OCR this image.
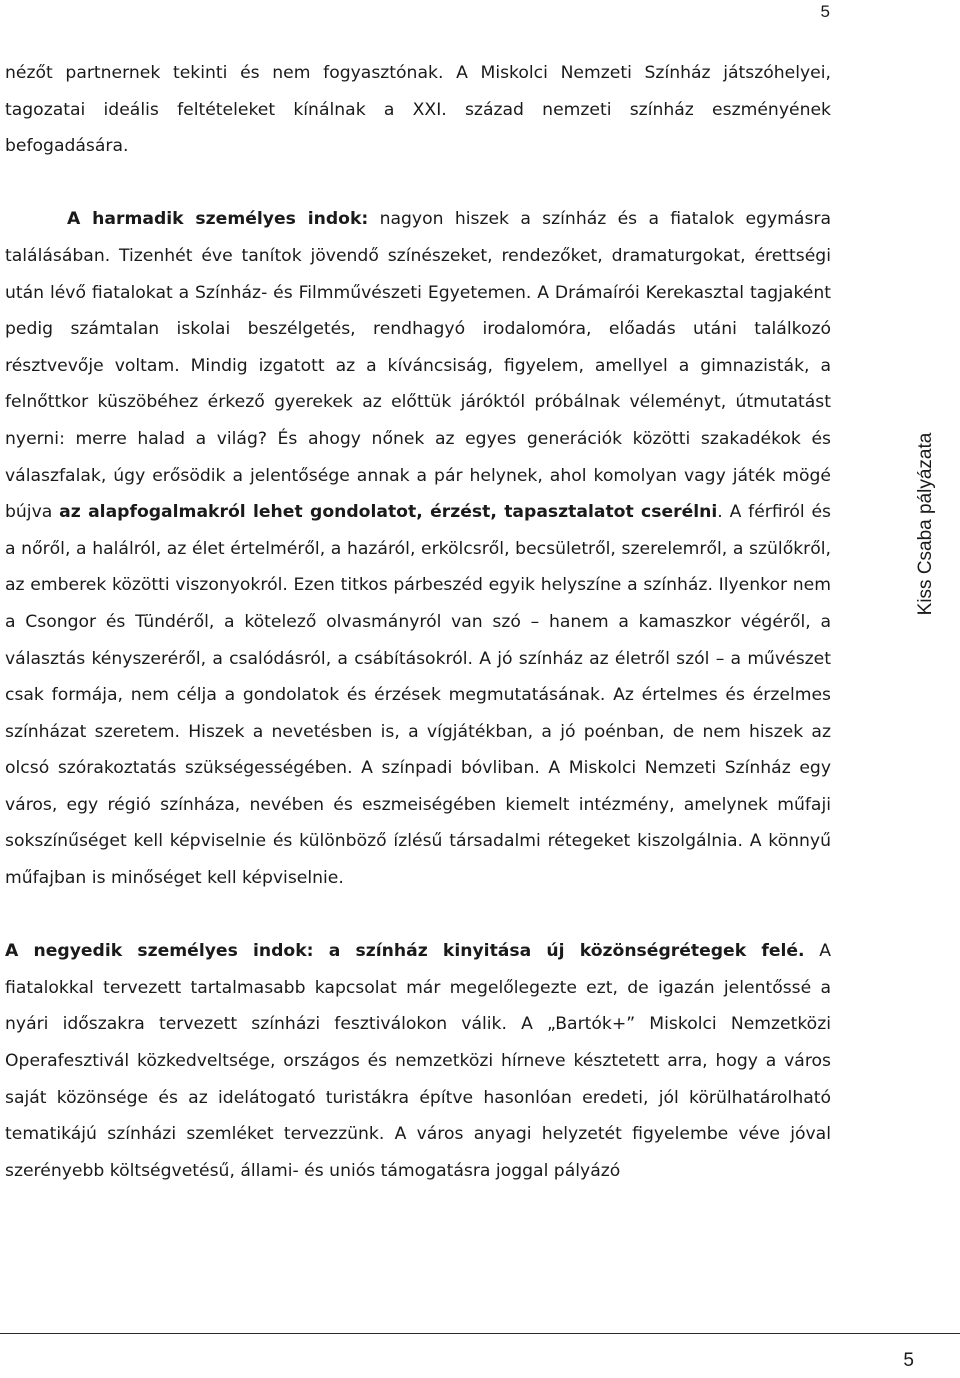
5
Kiss Csaba pályázata

nézőt partnernek tekinti és nem fogyasztónak. A Miskolci Nemzeti Színház játszóhelyei, tagozatai ideális feltételeket kínálnak a XXI. század nemzeti színház eszményének befogadására.

A harmadik személyes indok: nagyon hiszek a színház és a fiatalok egymásra találásában. Tizenhét éve tanítok jövendő színészeket, rendezőket, dramaturgokat, érettségi után lévő fiatalokat a Színház- és Filmművészeti Egyetemen. A Drámaírói Kerekasztal tagjaként pedig számtalan iskolai beszélgetés, rendhagyó irodalomóra, előadás utáni találkozó résztvevője voltam. Mindig izgatott az a kíváncsiság, figyelem, amellyel a gimnazisták, a felnőttkor küszöbéhez érkező gyerekek az előttük járóktól próbálnak véleményt, útmutatást nyerni: merre halad a világ? És ahogy nőnek az egyes generációk közötti szakadékok és válaszfalak, úgy erősödik a jelentősége annak a pár helynek, ahol komolyan vagy játék mögé bújva az alapfogalmakról lehet gondolatot, érzést, tapasztalatot cserélni. A férfiról és a nőről, a halálról, az élet értelméről, a hazáról, erkölcsről, becsületről, szerelemről, a szülőkről, az emberek közötti viszonyokról. Ezen titkos párbeszéd egyik helyszíne a színház. Ilyenkor nem a Csongor és Tündéről, a kötelező olvasmányról van szó – hanem a kamaszkor végéről, a választás kényszeréről, a csalódásról, a csábításokról. A jó színház az életről szól – a művészet csak formája, nem célja a gondolatok és érzések megmutatásának. Az értelmes és érzelmes színházat szeretem. Hiszek a nevetésben is, a vígjátékban, a jó poénban, de nem hiszek az olcsó szórakoztatás szükségességében. A színpadi bóvliban. A Miskolci Nemzeti Színház egy város, egy régió színháza, nevében és eszmeiségében kiemelt intézmény, amelynek műfaji sokszínűséget kell képviselnie és különböző ízlésű társadalmi rétegeket kiszolgálnia. A könnyű műfajban is minőséget kell képviselnie.

A negyedik személyes indok: a színház kinyitása új közönségrétegek felé. A fiatalokkal tervezett tartalmasabb kapcsolat már megelőlegezte ezt, de igazán jelentőssé a nyári időszakra tervezett színházi fesztiválokon válik. A „Bartók+” Miskolci Nemzetközi Operafesztivál közkedveltsége, országos és nemzetközi hírneve késztetett arra, hogy a város saját közönsége és az idelátogató turistákra építve hasonlóan eredeti, jól körülhatárolható tematikájú színházi szemléket tervezzünk. A város anyagi helyzetét figyelembe véve jóval szerényebb költségvetésű, állami- és uniós támogatásra joggal pályázó

5
